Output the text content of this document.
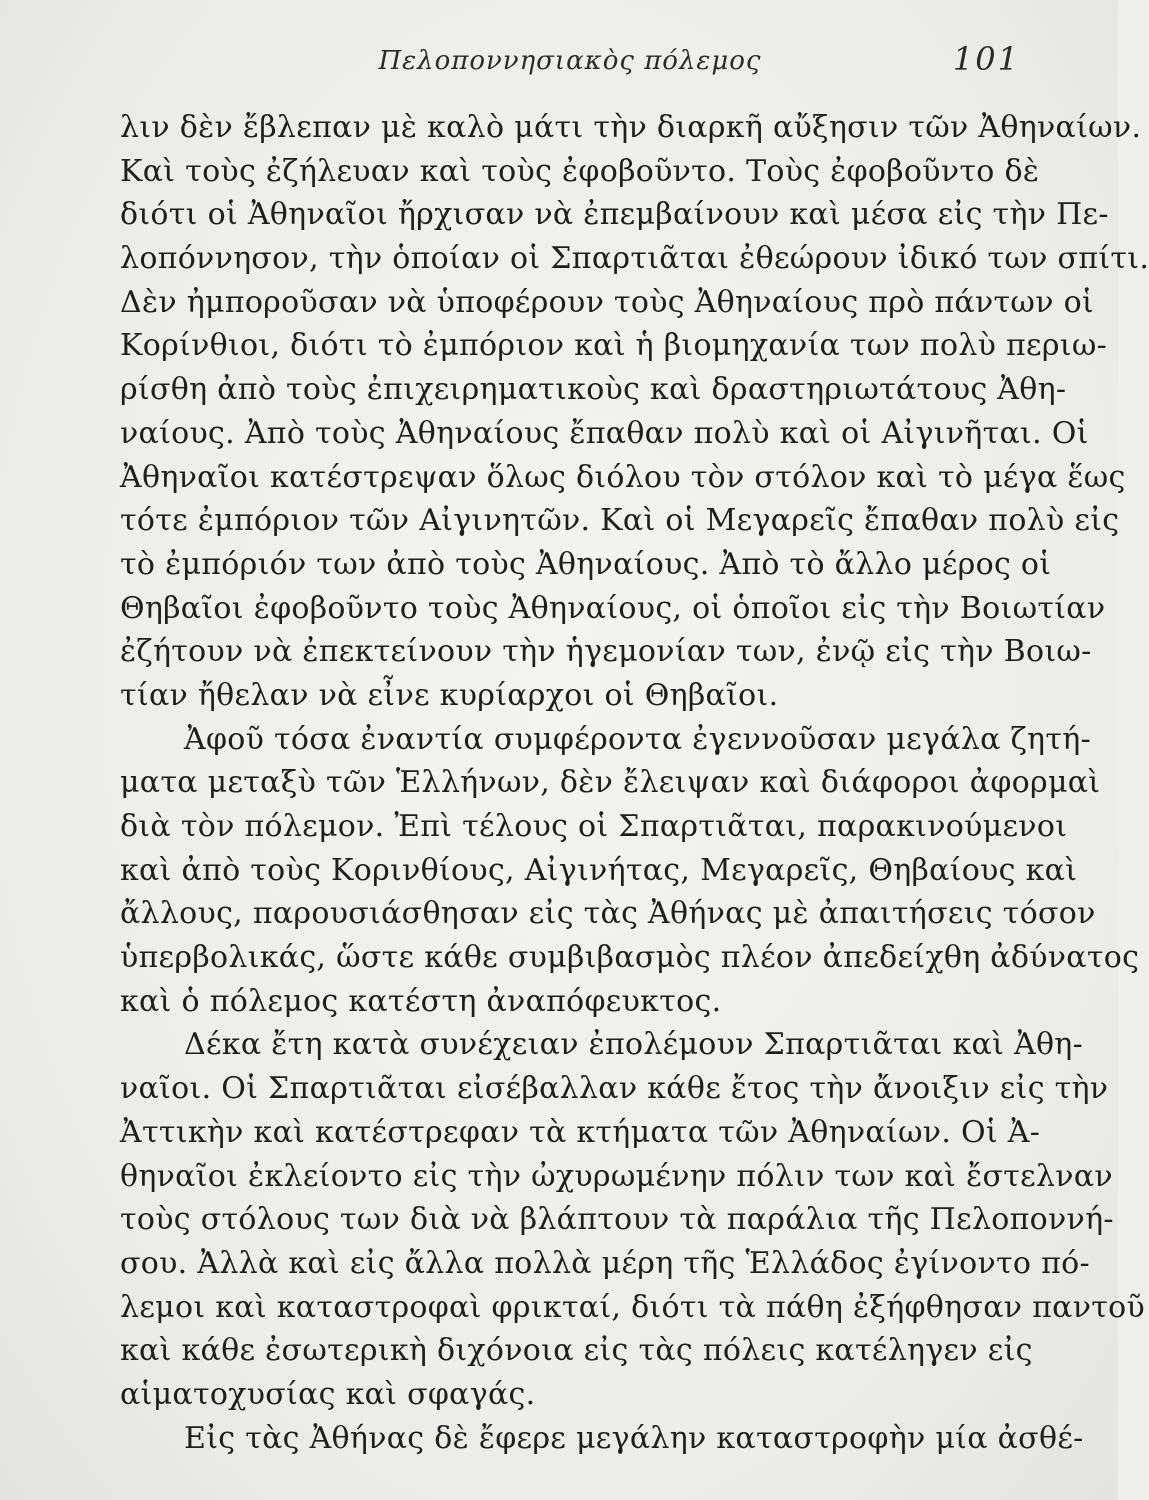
Πελοποννησιακὸς πόλεμος	101
λιν δὲν ἔβλεπαν μὲ καλὸ μάτι τὴν διαρκῆ αὔξησιν τῶν Ἀθηναίων.
Καὶ τοὺς ἐζήλευαν καὶ τοὺς ἐφοβοῦντο. Τοὺς ἐφοβοῦντο δὲ
διότι οἱ Ἀθηναῖοι ἤρχισαν νὰ ἐπεμβαίνουν καὶ μέσα εἰς τὴν Πε-
λοπόννησον, τὴν ὁποίαν οἱ Σπαρτιᾶται ἐθεώρουν ἰδικό των σπίτι.
Δὲν ἠμποροῦσαν νὰ ὑποφέρουν τοὺς Ἀθηναίους πρὸ πάντων οἱ
Κορίνθιοι, διότι τὸ ἐμπόριον καὶ ἡ βιομηχανία των πολὺ περιω-
ρίσθη ἀπὸ τοὺς ἐπιχειρηματικοὺς καὶ δραστηριωτάτους Ἀθη-
ναίους. Ἀπὸ τοὺς Ἀθηναίους ἔπαθαν πολὺ καὶ οἱ Αἰγινῆται. Οἱ
Ἀθηναῖοι κατέστρεψαν ὅλως διόλου τὸν στόλον καὶ τὸ μέγα ἕως
τότε ἐμπόριον τῶν Αἰγινητῶν. Καὶ οἱ Μεγαρεῖς ἔπαθαν πολὺ εἰς
τὸ ἐμπόριόν των ἀπὸ τοὺς Ἀθηναίους. Ἀπὸ τὸ ἄλλο μέρος οἱ
Θηβαῖοι ἐφοβοῦντο τοὺς Ἀθηναίους, οἱ ὁποῖοι εἰς τὴν Βοιωτίαν
ἐζήτουν νὰ ἐπεκτείνουν τὴν ἡγεμονίαν των, ἐνῷ εἰς τὴν Βοιω-
τίαν ἤθελαν νὰ εἶνε κυρίαρχοι οἱ Θηβαῖοι.
Ἀφοῦ τόσα ἐναντία συμφέροντα ἐγεννοῦσαν μεγάλα ζητή-
ματα μεταξὺ τῶν Ἑλλήνων, δὲν ἔλειψαν καὶ διάφοροι ἀφορμαὶ
διὰ τὸν πόλεμον. Ἐπὶ τέλους οἱ Σπαρτιᾶται, παρακινούμενοι
καὶ ἀπὸ τοὺς Κορινθίους, Αἰγινήτας, Μεγαρεῖς, Θηβαίους καὶ
ἄλλους, παρουσιάσθησαν εἰς τὰς Ἀθήνας μὲ ἀπαιτήσεις τόσον
ὑπερβολικάς, ὥστε κάθε συμβιβασμὸς πλέον ἀπεδείχθη ἀδύνατος
καὶ ὁ πόλεμος κατέστη ἀναπόφευκτος.
Δέκα ἔτη κατὰ συνέχειαν ἐπολέμουν Σπαρτιᾶται καὶ Ἀθη-
ναῖοι. Οἱ Σπαρτιᾶται εἰσέβαλλαν κάθε ἔτος τὴν ἄνοιξιν εἰς τὴν
Ἀττικὴν καὶ κατέστρεφαν τὰ κτήματα τῶν Ἀθηναίων. Οἱ Ἀ-
θηναῖοι ἐκλείοντο εἰς τὴν ὠχυρωμένην πόλιν των καὶ ἔστελναν
τοὺς στόλους των διὰ νὰ βλάπτουν τὰ παράλια τῆς Πελοποννή-
σου. Ἀλλὰ καὶ εἰς ἄλλα πολλὰ μέρη τῆς Ἑλλάδος ἐγίνοντο πό-
λεμοι καὶ καταστροφαὶ φρικταί, διότι τὰ πάθη ἐξήφθησαν παντοῦ
καὶ κάθε ἐσωτερικὴ διχόνοια εἰς τὰς πόλεις κατέληγεν εἰς
αἱματοχυσίας καὶ σφαγάς.
Εἰς τὰς Ἀθήνας δὲ ἔφερε μεγάλην καταστροφὴν μία ἀσθέ-
